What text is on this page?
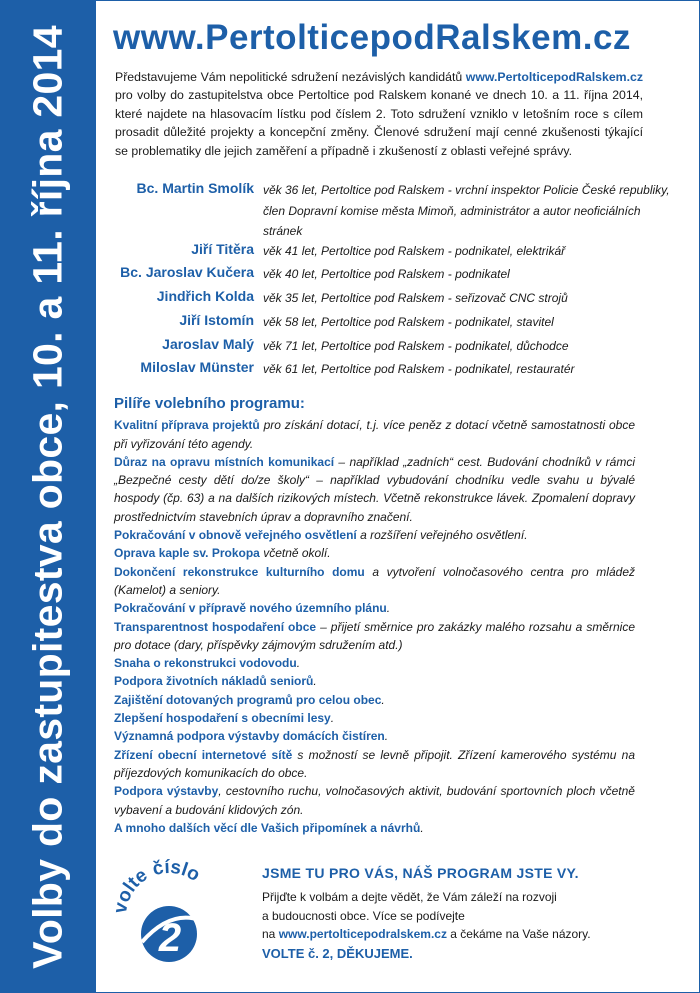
Volby do zastupitestva obce, 10. a 11. října 2014 www.PertolticepodRalskem.cz
Představujeme Vám nepolitické sdružení nezávislých kandidátů www.PertolticepodRalskem.cz pro volby do zastupitelstva obce Pertoltice pod Ralskem konané ve dnech 10. a 11. října 2014, které najdete na hlasovacím lístku pod číslem 2. Toto sdružení vzniklo v letošním roce s cílem prosadit důležité projekty a koncepční změny. Členové sdružení mají cenné zkušenosti týkající se problematiky dle jejich zaměření a případně i zkušeností z oblasti veřejné správy.
Bc. Martin Smolík věk 36 let, Pertoltice pod Ralskem - vrchní inspektor Policie České republiky, člen Dopravní komise města Mimoň, administrátor a autor neoficiálních stránek
Jiří Titěra věk 41 let, Pertoltice pod Ralskem - podnikatel, elektrikář
Bc. Jaroslav Kučera věk 40 let, Pertoltice pod Ralskem - podnikatel
Jindřich Kolda věk 35 let, Pertoltice pod Ralskem - seřizovač CNC strojů
Jiří Istomín věk 58 let, Pertoltice pod Ralskem - podnikatel, stavitel
Jaroslav Malý věk 71 let, Pertoltice pod Ralskem - podnikatel, důchodce
Miloslav Münster věk 61 let, Pertoltice pod Ralskem - podnikatel, restauratér
Pilíře volebního programu:

Kvalitní příprava projektů pro získání dotací, t.j. více peněz z dotací včetně samostatnosti obce při vyřizování této agendy.

Důraz na opravu místních komunikací – například „zadních“ cest. Budování chodníků v rámci „Bezpečné cesty dětí do/ze školy“ – například vybudování chodníku vedle svahu u bývalé hospody (čp. 63) a na dalších rizikových místech. Včetně rekonstrukce lávek. Zpomalení dopravy prostřednictvím stavebních úprav a dopravního značení.

Pokračování v obnově veřejného osvětlení a rozšíření veřejného osvětlení.

Oprava kaple sv. Prokopa včetně okolí.

Dokončení rekonstrukce kulturního domu a vytvoření volnočasového centra pro mládež (Kamelot) a seniory.

Pokračování v přípravě nového územního plánu.

Transparentnost hospodaření obce – přijetí směrnice pro zakázky malého rozsahu a směrnice pro dotace (dary, příspěvky zájmovým sdružením atd.)

Snaha o rekonstrukci vodovodu.

Podpora životních nákladů seniorů.

Zajištění dotovaných programů pro celou obec.

Zlepšení hospodaření s obecními lesy.

Významná podpora výstavby domácích čistíren.

Zřízení obecní internetové sítě s možností se levně připojit. Zřízení kamerového systému na příjezdových komunikacích do obce.

Podpora výstavby, cestovního ruchu, volnočasových aktivit, budování sportovních ploch včetně vybavení a budování klidových zón.

A mnoho dalších věcí dle Vašich připomínek a návrhů.

voltečíslo
2
JSME TU PRO VÁS, NÁŠ PROGRAM JSTE VY.
Přijďte k volbám a dejte vědět, že Vám záleží na rozvoji
a budoucnosti obce. Více se podívejte
na www.pertolticepodralskem.cz a čekáme na Vaše názory.
VOLTE č. 2, DĚKUJEME.
